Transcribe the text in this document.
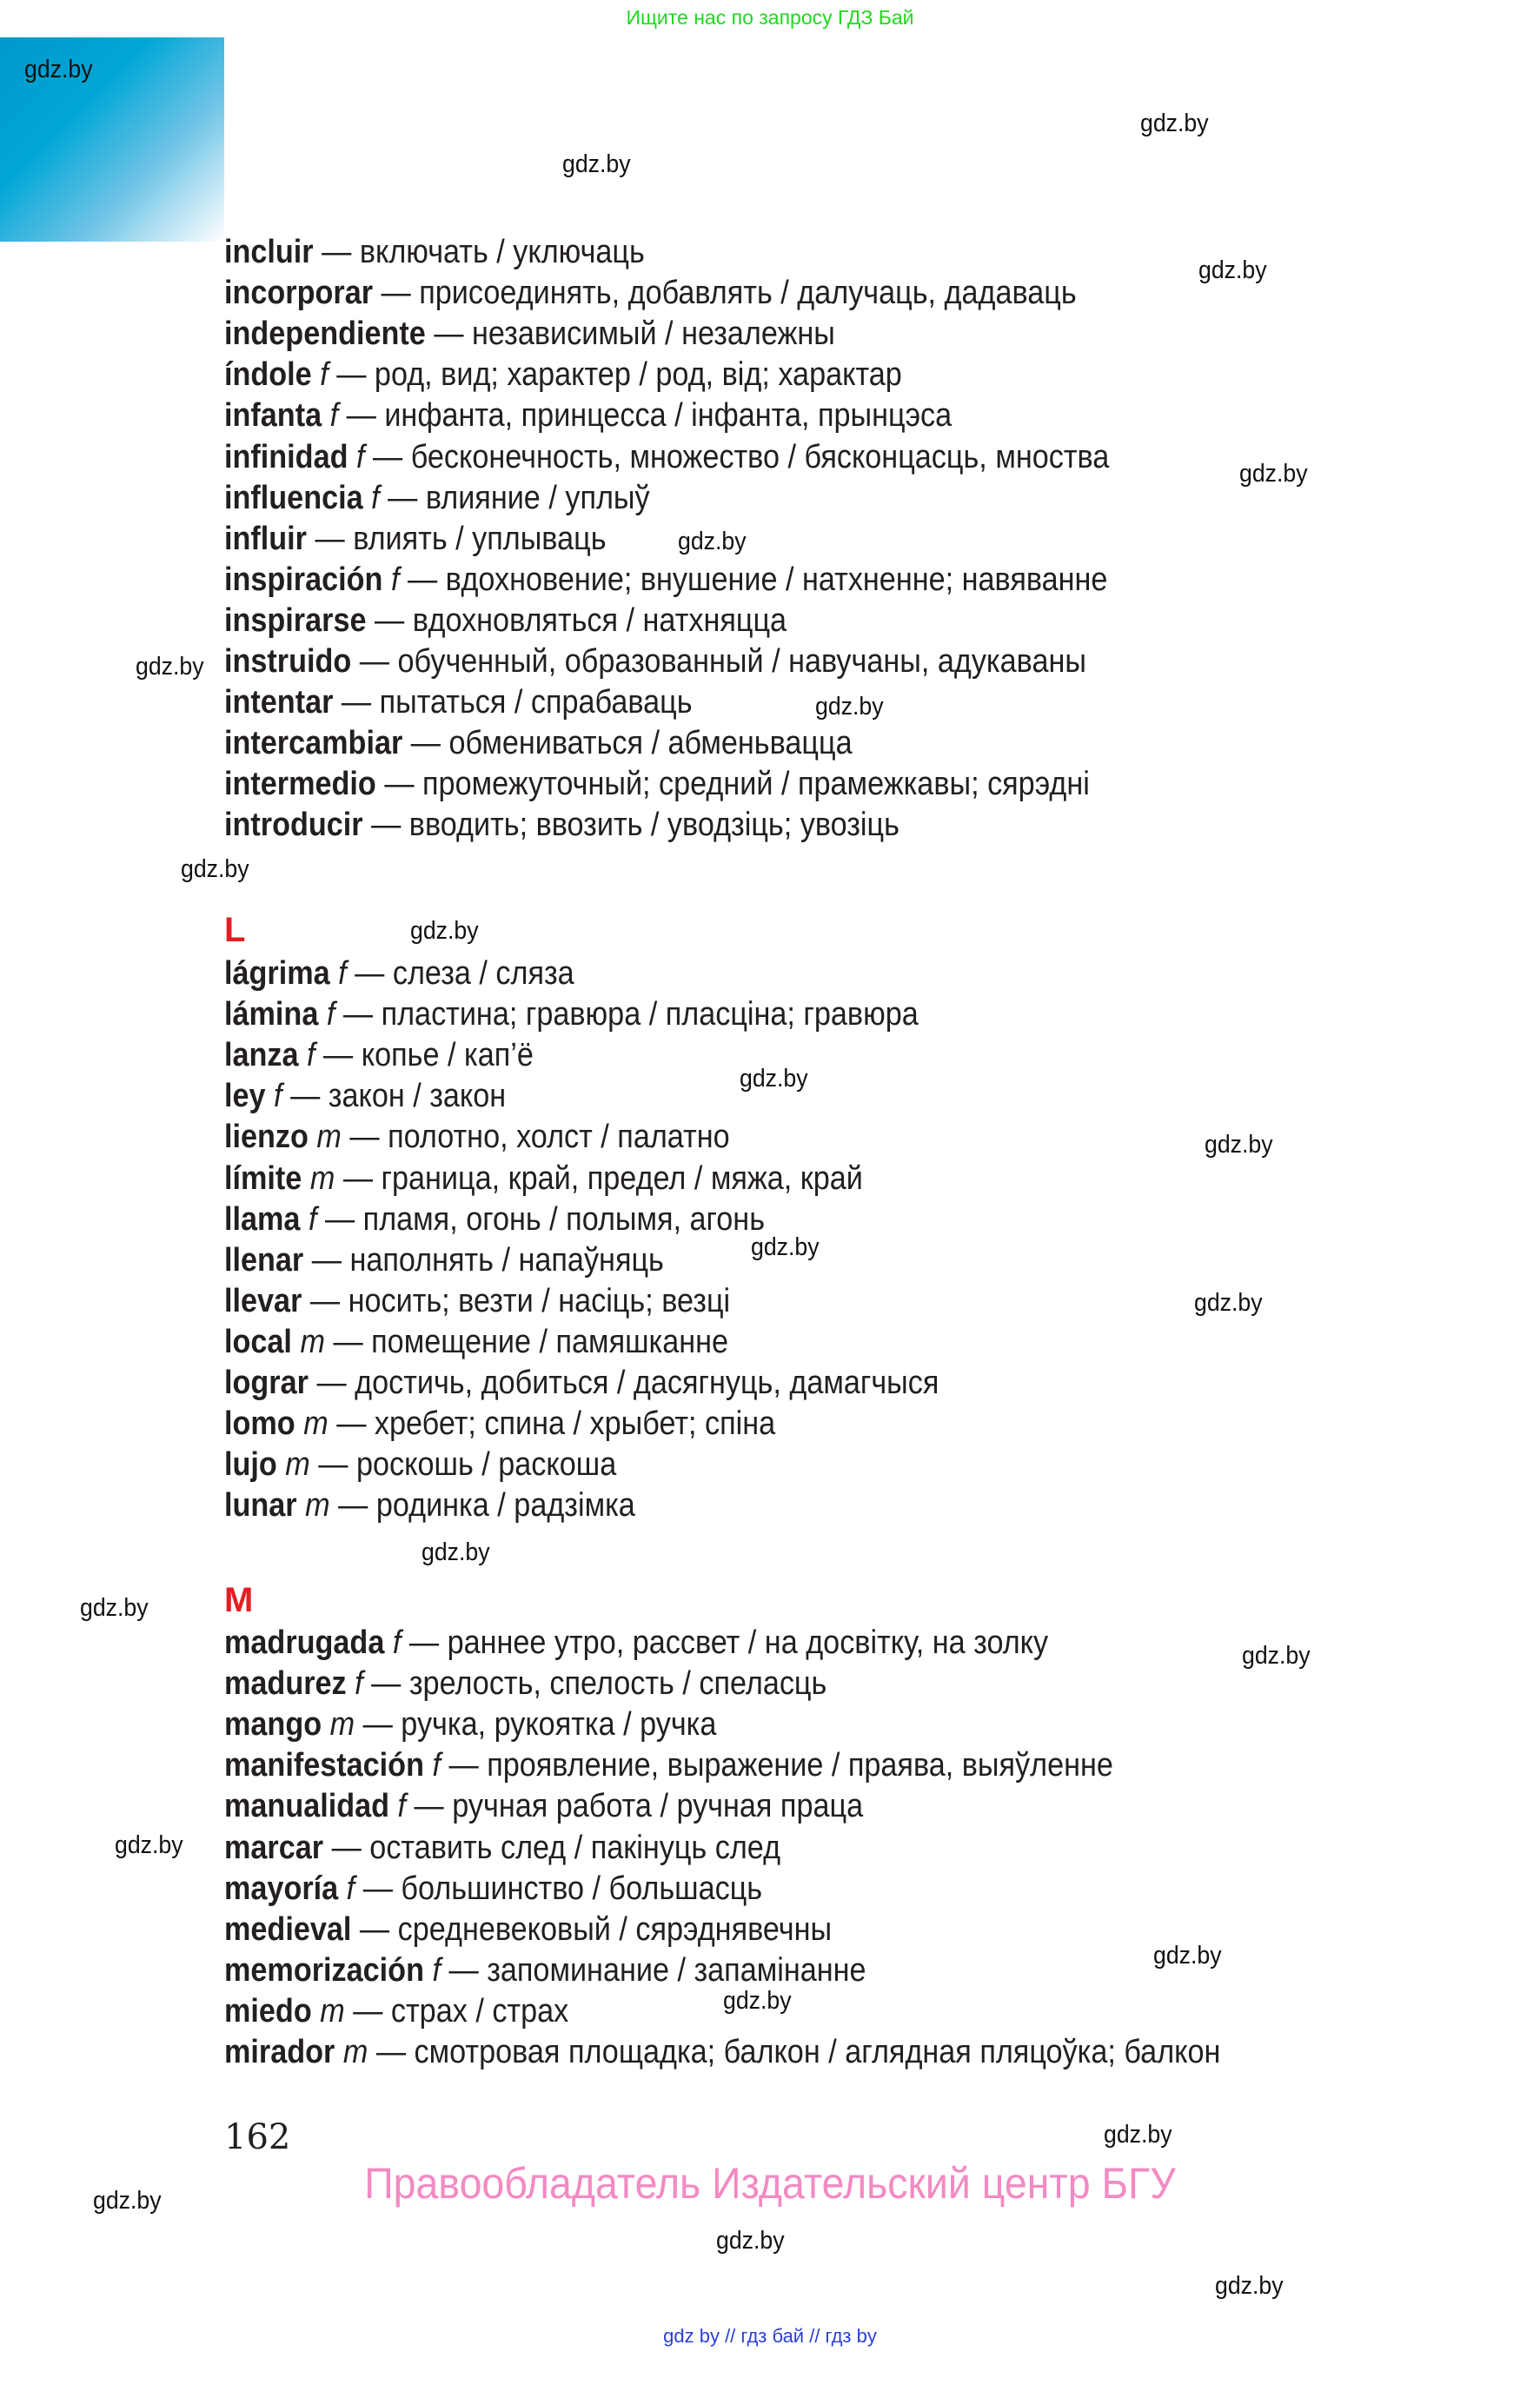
Ищите нас по запросу ГДЗ Бай
incluir — включать / уключаць
incorporar — присоединять, добавлять / далучаць, дадаваць
independiente — независимый / незалежны
índole f — род, вид; характер / род, від; характар
infanta f — инфанта, принцесса / інфанта, прынцэса
infinidad f — бесконечность, множество / бясконцасць, мноства
influencia f — влияние / уплыў
influir — влиять / уплываць
inspiración f — вдохновение; внушение / натхненне; навяванне
inspirarse — вдохновляться / натхняцца
instruido — обученный, образованный / навучаны, адукаваны
intentar — пытаться / спрабаваць
intercambiar — обмениваться / абменьвацца
intermedio — промежуточный; средний / прамежкавы; сярэдні
introducir — вводить; ввозить / уводзіць; увозіць
L
lágrima f — слеза / сляза
lámina f — пластина; гравюра / пласціна; гравюра
lanza f — копье / кап’ё
ley f — закон / закон
lienzo m — полотно, холст / палатно
límite m — граница, край, предел / мяжа, край
llama f — пламя, огонь / полымя, агонь
llenar — наполнять / напаўняць
llevar — носить; везти / насіць; везці
local m — помещение / памяшканне
lograr — достичь, добиться / дасягнуць, дамагчыся
lomo m — хребет; спина / хрыбет; спіна
lujo m — роскошь / раскоша
lunar m — родинка / радзімка
M
madrugada f — раннее утро, рассвет / на досвітку, на золку
madurez f — зрелость, спелость / спеласць
mango m — ручка, рукоятка / ручка
manifestación f — проявление, выражение / праява, выяўленне
manualidad f — ручная работа / ручная праца
marcar — оставить след / пакінуць след
mayoría f — большинство / большасць
medieval — средневековый / сярэднявечны
memorización f — запоминание / запамінанне
miedo m — страх / страх
mirador m — смотровая площадка; балкон / аглядная пляцоўка; балкон
162
Правообладатель Издательский центр БГУ
gdz by // гдз бай // гдз by
gdz.by
gdz.by
gdz.by
gdz.by
gdz.by
gdz.by
gdz.by
gdz.by
gdz.by
gdz.by
gdz.by
gdz.by
gdz.by
gdz.by
gdz.by
gdz.by
gdz.by
gdz.by
gdz.by
gdz.by
gdz.by
gdz.by
gdz.by
gdz.by
